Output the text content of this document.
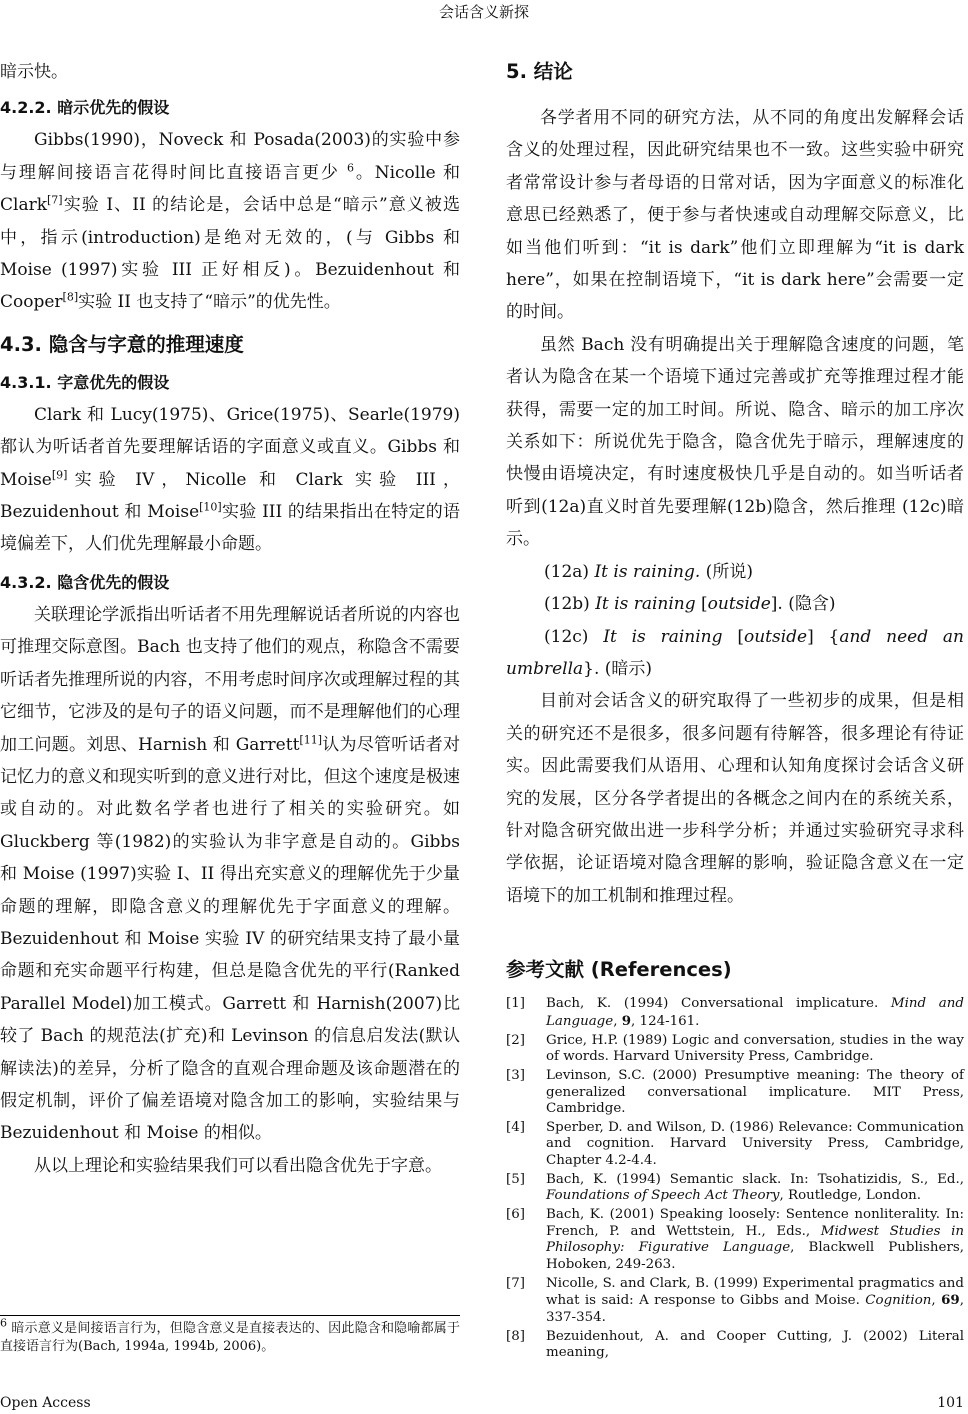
会话含义新探

暗示快。

4.2.2. 暗示优先的假设

Gibbs(1990)，Noveck 和 Posada(2003)的实验中参与理解间接语言花得时间比直接语言更少 $^6$。Nicolle 和 Clark[7]实验 I、II 的结论是，会话中总是“暗示”意义被选中，指示(introduction)是绝对无效的，(与 Gibbs 和 Moise (1997)实验 III 正好相反)。Bezuidenhout 和 Cooper[8]实验 II 也支持了“暗示”的优先性。

4.3. 隐含与字意的推理速度
4.3.1. 字意优先的假设

Clark 和 Lucy(1975)、Grice(1975)、Searle(1979)都认为听话者首先要理解话语的字面意义或直义。Gibbs 和 Moise[9]实验 IV，Nicolle 和 Clark 实验 III，Bezuidenhout 和 Moise[10]实验 III 的结果指出在特定的语境偏差下，人们优先理解最小命题。

4.3.2. 隐含优先的假设

关联理论学派指出听话者不用先理解说话者所说的内容也可推理交际意图。Bach 也支持了他们的观点，称隐含不需要听话者先推理所说的内容，不用考虑时间序次或理解过程的其它细节，它涉及的是句子的语义问题，而不是理解他们的心理加工问题。刘思、Harnish 和 Garrett[11]认为尽管听话者对记忆力的意义和现实听到的意义进行对比，但这个速度是极速或自动的。对此数名学者也进行了相关的实验研究。如 Gluckberg 等(1982)的实验认为非字意是自动的。Gibbs 和 Moise (1997)实验 I、II 得出充实意义的理解优先于少量命题的理解，即隐含意义的理解优先于字面意义的理解。Bezuidenhout 和 Moise 实验 IV 的研究结果支持了最小量命题和充实命题平行构建，但总是隐含优先的平行(Ranked Parallel Model)加工模式。Garrett 和 Harnish(2007)比较了 Bach 的规范法(扩充)和 Levinson 的信息启发法(默认解读法)的差异，分析了隐含的直观合理命题及该命题潜在的假定机制，评价了偏差语境对隐含加工的影响，实验结果与 Bezuidenhout 和 Moise 的相似。

从以上理论和实验结果我们可以看出隐含优先于字意。

$^6$ 暗示意义是间接语言行为，但隐含意义是直接表达的、因此隐含和隐喻都属于直接语言行为(Bach, 1994a, 1994b, 2006)。
5. 结论

各学者用不同的研究方法，从不同的角度出发解释会话含义的处理过程，因此研究结果也不一致。这些实验中研究者常常设计参与者母语的日常对话，因为字面意义的标准化意思已经熟悉了，便于参与者快速或自动理解交际意义，比如当他们听到：“it is dark”他们立即理解为“it is dark here”，如果在控制语境下，“it is dark here”会需要一定的时间。

虽然 Bach 没有明确提出关于理解隐含速度的问题，笔者认为隐含在某一个语境下通过完善或扩充等推理过程才能获得，需要一定的加工时间。所说、隐含、暗示的加工序次关系如下：所说优先于隐含，隐含优先于暗示，理解速度的快慢由语境决定，有时速度极快几乎是自动的。如当听话者听到(12a)直义时首先要理解(12b)隐含，然后推理 (12c)暗示。

(12a) It is raining. (所说)

(12b) It is raining [outside]. (隐含)

(12c) It is raining [outside] {and need an umbrella}. (暗示)

目前对会话含义的研究取得了一些初步的成果，但是相关的研究还不是很多，很多问题有待解答，很多理论有待证实。因此需要我们从语用、心理和认知角度探讨会话含义研究的发展，区分各学者提出的各概念之间内在的系统关系，针对隐含研究做出进一步科学分析；并通过实验研究寻求科学依据，论证语境对隐含理解的影响，验证隐含意义在一定语境下的加工机制和推理过程。

参考文献 (References)
[1]	Bach, K. (1994) Conversational implicature. Mind and Language, 9, 124-161.
[2]	Grice, H.P. (1989) Logic and conversation, studies in the way of words. Harvard University Press, Cambridge.
[3]	Levinson, S.C. (2000) Presumptive meaning: The theory of generalized conversational implicature. MIT Press, Cambridge.
[4]	Sperber, D. and Wilson, D. (1986) Relevance: Communication and cognition. Harvard University Press, Cambridge, Chapter 4.2-4.4.
[5]	Bach, K. (1994) Semantic slack. In: Tsohatizidis, S., Ed., Foundations of Speech Act Theory, Routledge, London.
[6]	Bach, K. (2001) Speaking loosely: Sentence nonliterality. In: French, P. and Wettstein, H., Eds., Midwest Studies in Philosophy: Figurative Language, Blackwell Publishers, Hoboken, 249-263.
[7]	Nicolle, S. and Clark, B. (1999) Experimental pragmatics and what is said: A response to Gibbs and Moise. Cognition, 69, 337-354.
[8]	Bezuidenhout, A. and Cooper Cutting, J. (2002) Literal meaning,
Open Access	101
